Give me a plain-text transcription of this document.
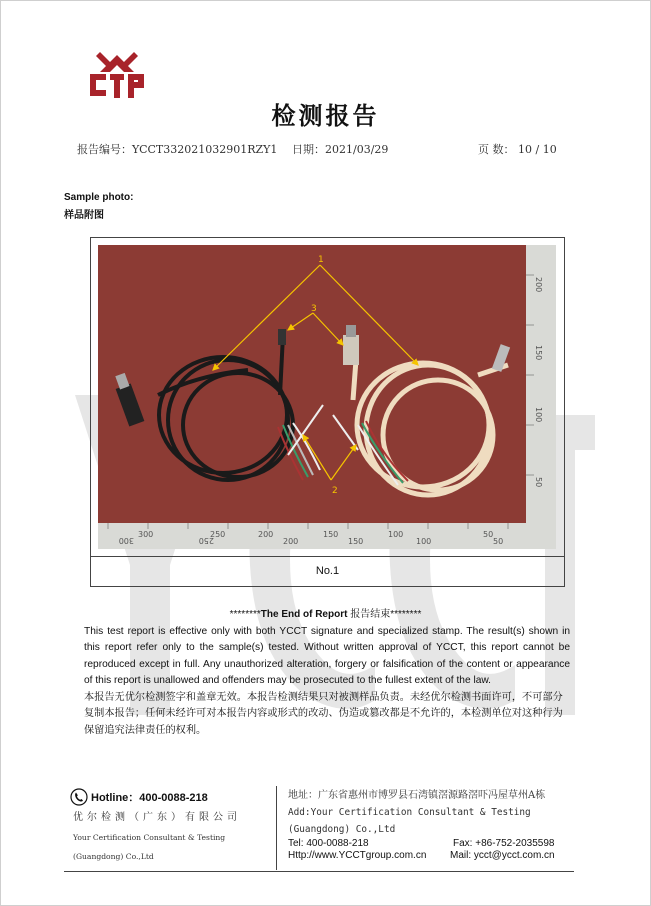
检测报告
报告编号：YCCT332021032901RZY1 日期：2021/03/29	页 数： 10 / 10
Sample photo:
样品附图
300
300
250
250	200
200
150
150
100
100
50
50
200
150
100
50
1
2
3
No.1
********The End of Report 报告结束********
This test report is effective only with both YCCT signature and specialized stamp. The result(s) shown in this report refer only to the sample(s) tested. Without written approval of YCCT, this report cannot be reproduced except in full. Any unauthorized alteration, forgery or falsification of the content or appearance of this report is unallowed and offenders may be prosecuted to the fullest extent of the law.
本报告无优尔检测签字和盖章无效。本报告检测结果只对被测样品负责。未经优尔检测书面许可，不可部分复制本报告；任何未经许可对本报告内容或形式的改动、伪造或篡改都是不允许的，本检测单位对这种行为保留追究法律责任的权利。
Hotline：400-0088-218
优尔检测（广东）有限公司
Your Certification Consultant & Testing
(Guangdong) Co.,Ltd
地址：广东省惠州市博罗县石湾镇滘源路滘吓冯屋草州A栋
Add:Your Certification Consultant & Testing
(Guangdong) Co.,Ltd
Tel: 400-0088-218	Fax: +86-752-2035598
Http://www.YCCTgroup.com.cn Mail: ycct@ycct.com.cn
